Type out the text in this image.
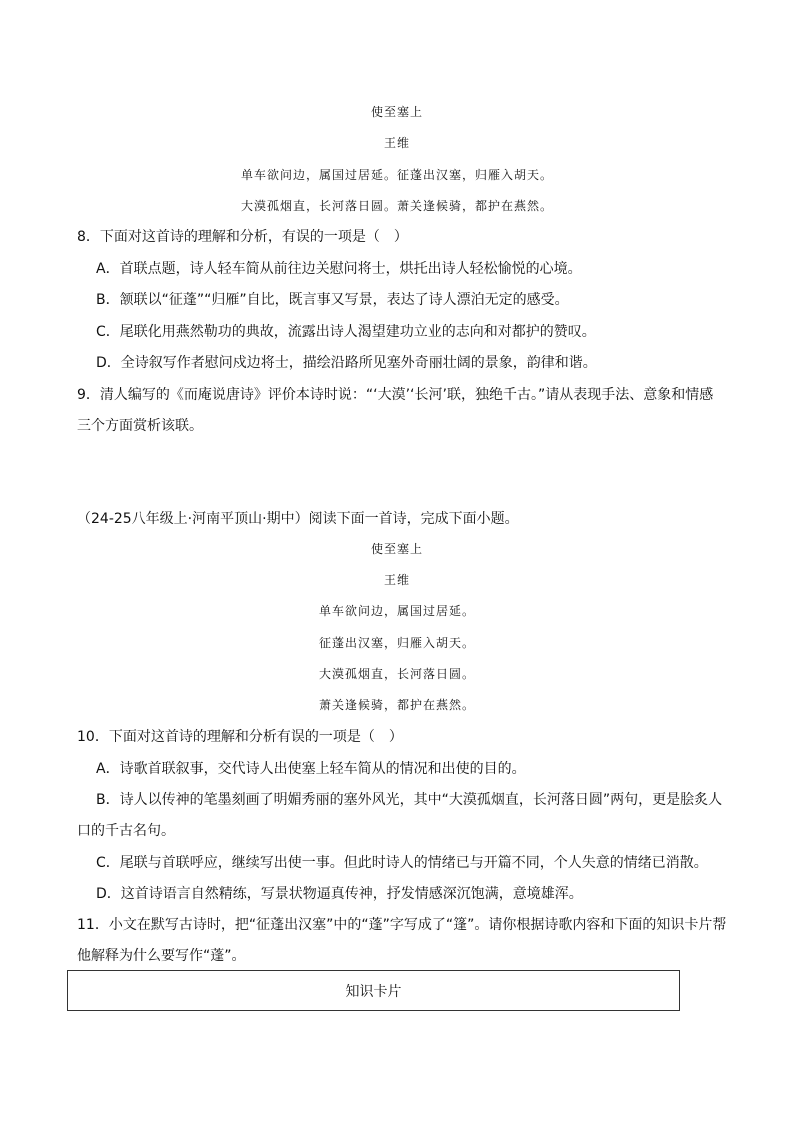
使至塞上
王维
单车欲问边，属国过居延。征蓬出汉塞，归雁入胡天。
大漠孤烟直，长河落日圆。萧关逢候骑，都护在燕然。
8．下面对这首诗的理解和分析，有误的一项是（　）
A．首联点题，诗人轻车简从前往边关慰问将士，烘托出诗人轻松愉悦的心境。
B．颔联以“征蓬”“归雁”自比，既言事又写景，表达了诗人漂泊无定的感受。
C．尾联化用燕然勒功的典故，流露出诗人渴望建功立业的志向和对都护的赞叹。
D．全诗叙写作者慰问戍边将士，描绘沿路所见塞外奇丽壮阔的景象，韵律和谐。
9．清人编写的《而庵说唐诗》评价本诗时说：“‘大漠’‘长河’联，独绝千古。”请从表现手法、意象和情感
三个方面赏析该联。
（24-25八年级上·河南平顶山·期中）阅读下面一首诗，完成下面小题。
使至塞上
王维
单车欲问边，属国过居延。
征蓬出汉塞，归雁入胡天。
大漠孤烟直，长河落日圆。
萧关逢候骑，都护在燕然。
10．下面对这首诗的理解和分析有误的一项是（　）
A．诗歌首联叙事，交代诗人出使塞上轻车简从的情况和出使的目的。
B．诗人以传神的笔墨刻画了明媚秀丽的塞外风光，其中“大漠孤烟直，长河落日圆”两句，更是脍炙人
口的千古名句。
C．尾联与首联呼应，继续写出使一事。但此时诗人的情绪已与开篇不同，个人失意的情绪已消散。
D．这首诗语言自然精练，写景状物逼真传神，抒发情感深沉饱满，意境雄浑。
11．小文在默写古诗时，把“征蓬出汉塞”中的“蓬”字写成了“篷”。请你根据诗歌内容和下面的知识卡片帮
他解释为什么要写作“蓬”。
知识卡片
